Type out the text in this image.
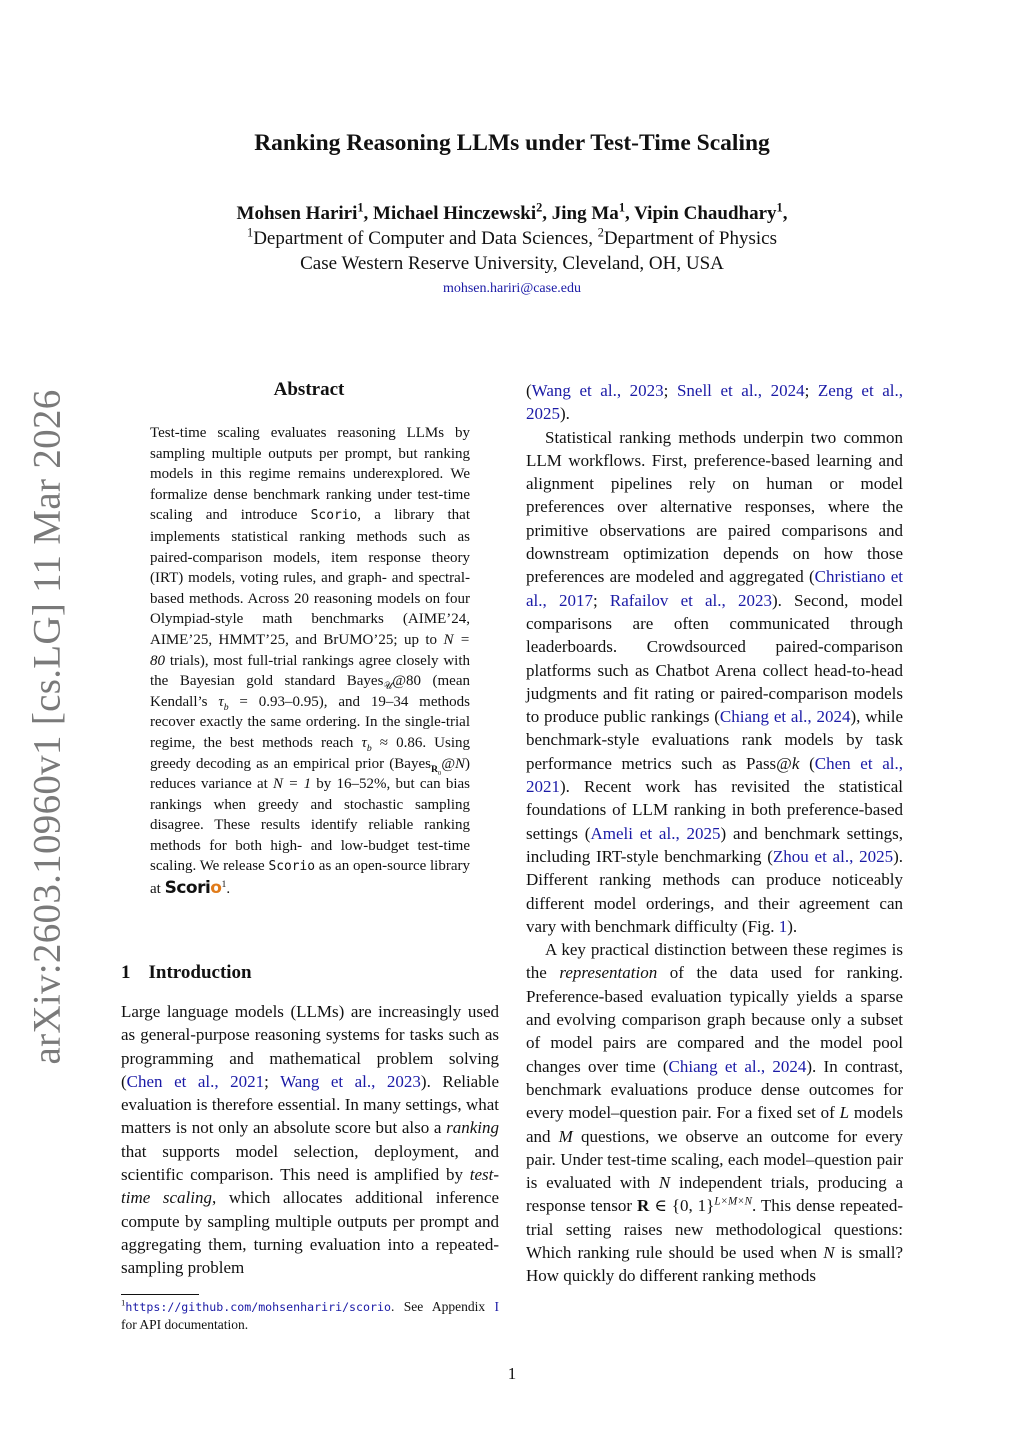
Ranking Reasoning LLMs under Test-Time Scaling
Mohsen Hariri$^1$, Michael Hinczewski$^2$, Jing Ma$^1$, Vipin Chaudhary$^1$,
$^1$Department of Computer and Data Sciences, $^2$Department of Physics
Case Western Reserve University, Cleveland, OH, USA
mohsen.hariri@case.edu
arXiv:2603.10960v1 [cs.LG] 11 Mar 2026	Abstract
Test-time scaling evaluates reasoning LLMs by sampling multiple outputs per prompt, but ranking models in this regime remains underexplored. We formalize dense benchmark ranking under test-time scaling and introduce Scorio, a library that implements statistical ranking methods such as paired-comparison models, item response theory (IRT) models, voting rules, and graph- and spectral-based methods. Across 20 reasoning models on four Olympiad-style math benchmarks (AIME’24, AIME’25, HMMT’25, and BrUMO’25; up to N = 80 trials), most full-trial rankings agree closely with the Bayesian gold standard Bayes$_𝒰$@80 (mean Kendall’s $\tau_b = 0.93-0.95$), and 19–34 methods recover exactly the same ordering. In the single-trial regime, the best methods reach $\tau_b \approx 0.86$. Using greedy decoding as an empirical prior (Bayes$_{R_0}$@N) reduces variance at N = 1 by 16–52%, but can bias rankings when greedy and stochastic sampling disagree. These results identify reliable ranking methods for both high- and low-budget test-time scaling. We release Scorio as an open-source library at Scorio$^1$.
1 Introduction
Large language models (LLMs) are increasingly used as general-purpose reasoning systems for tasks such as programming and mathematical problem solving (Chen et al., 2021; Wang et al., 2023). Reliable evaluation is therefore essential. In many settings, what matters is not only an absolute score but also a ranking that supports model selection, deployment, and scientific comparison. This need is amplified by test-time scaling, which allocates additional inference compute by sampling multiple outputs per prompt and aggregating them, turning evaluation into a repeated-sampling problem
$^1$https://github.com/mohsenhariri/scorio. See Appendix I for API documentation.

(Wang et al., 2023; Snell et al., 2024; Zeng et al., 2025).

Statistical ranking methods underpin two common LLM workflows. First, preference-based learning and alignment pipelines rely on human or model preferences over alternative responses, where the primitive observations are paired comparisons and downstream optimization depends on how those preferences are modeled and aggregated (Christiano et al., 2017; Rafailov et al., 2023). Second, model comparisons are often communicated through leaderboards. Crowdsourced paired-comparison platforms such as Chatbot Arena collect head-to-head judgments and fit rating or paired-comparison models to produce public rankings (Chiang et al., 2024), while benchmark-style evaluations rank models by task performance metrics such as Pass@k (Chen et al., 2021). Recent work has revisited the statistical foundations of LLM ranking in both preference-based settings (Ameli et al., 2025) and benchmark settings, including IRT-style benchmarking (Zhou et al., 2025). Different ranking methods can produce noticeably different model orderings, and their agreement can vary with benchmark difficulty (Fig. 1).

A key practical distinction between these regimes is the representation of the data used for ranking. Preference-based evaluation typically yields a sparse and evolving comparison graph because only a subset of model pairs are compared and the model pool changes over time (Chiang et al., 2024). In contrast, benchmark evaluations produce dense outcomes for every model–question pair. For a fixed set of L models and M questions, we observe an outcome for every pair. Under test-time scaling, each model–question pair is evaluated with N independent trials, producing a response tensor R ∈ {0, 1}$^{L\times M\times N}$. This dense repeated-trial setting raises new methodological questions: Which ranking rule should be used when N is small? How quickly do different ranking methods

1
